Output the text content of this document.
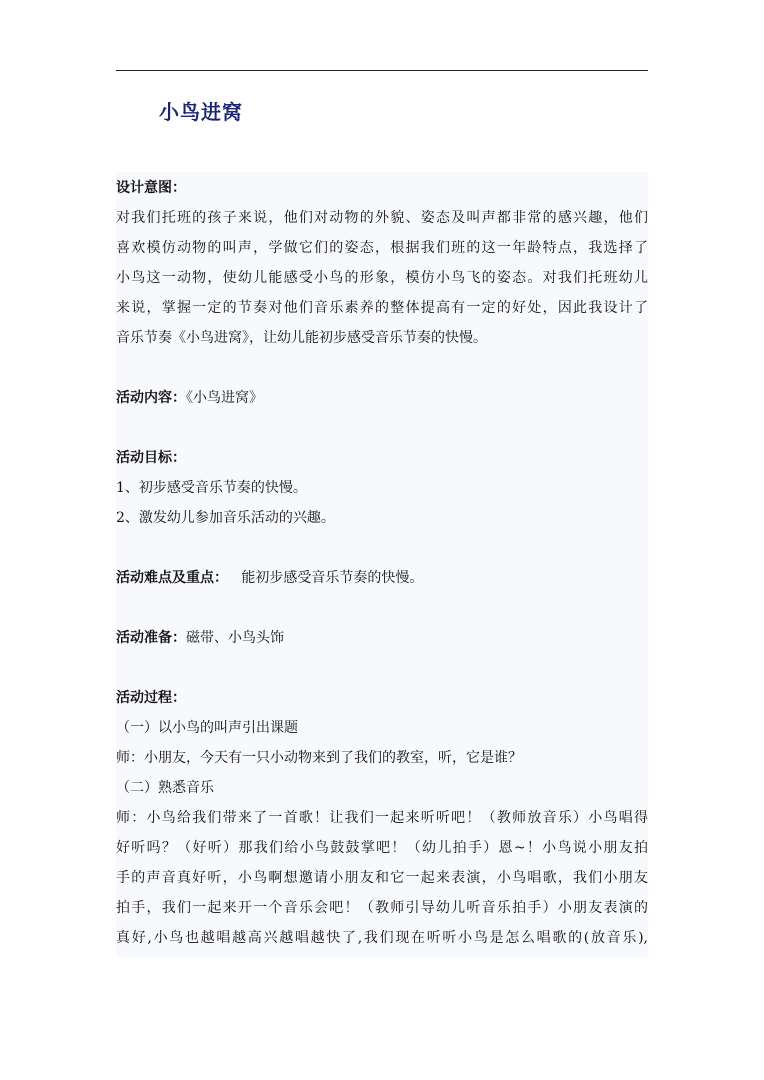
小鸟进窝
设计意图：
对我们托班的孩子来说，他们对动物的外貌、姿态及叫声都非常的感兴趣，他们
喜欢模仿动物的叫声，学做它们的姿态，根据我们班的这一年龄特点，我选择了
小鸟这一动物，使幼儿能感受小鸟的形象，模仿小鸟飞的姿态。对我们托班幼儿
来说，掌握一定的节奏对他们音乐素养的整体提高有一定的好处，因此我设计了
音乐节奏《小鸟进窝》，让幼儿能初步感受音乐节奏的快慢。
活动内容：《小鸟进窝》
活动目标：
1、初步感受音乐节奏的快慢。
2、激发幼儿参加音乐活动的兴趣。
活动难点及重点： 能初步感受音乐节奏的快慢。
活动准备：磁带、小鸟头饰
活动过程：
（一）以小鸟的叫声引出课题
师：小朋友，今天有一只小动物来到了我们的教室，听，它是谁？
（二）熟悉音乐
师：小鸟给我们带来了一首歌！让我们一起来听听吧！（教师放音乐）小鸟唱得
好听吗？（好听）那我们给小鸟鼓鼓掌吧！（幼儿拍手）恩~！小鸟说小朋友拍
手的声音真好听，小鸟啊想邀请小朋友和它一起来表演，小鸟唱歌，我们小朋友
拍手，我们一起来开一个音乐会吧！（教师引导幼儿听音乐拍手）小朋友表演的
真好,小鸟也越唱越高兴越唱越快了,我们现在听听小鸟是怎么唱歌的(放音乐),
